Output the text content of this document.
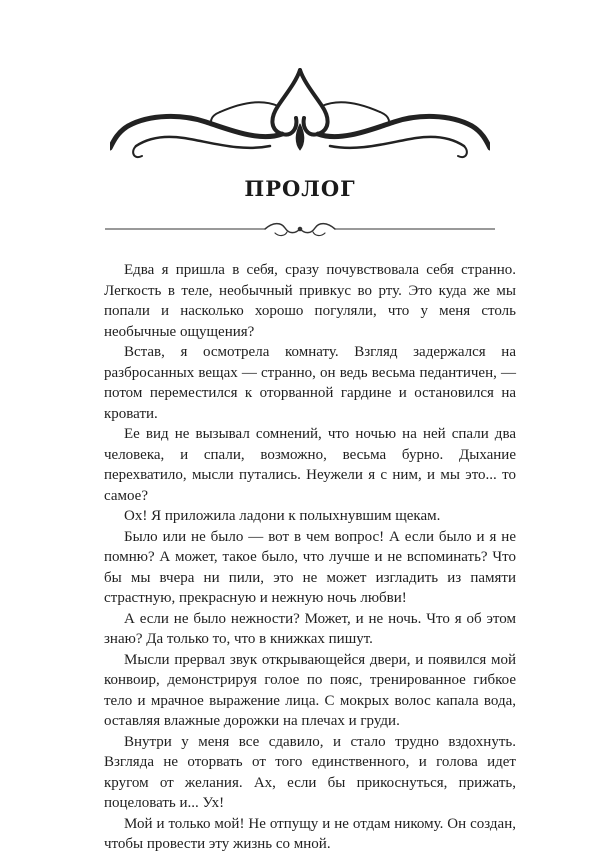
ПРОЛОГ

Едва я пришла в себя, сразу почувствовала себя странно. Легкость в теле, необычный привкус во рту. Это куда же мы попали и насколько хорошо погуляли, что у меня столь необычные ощущения?

Встав, я осмотрела комнату. Взгляд задержался на разбросанных вещах — странно, он ведь весьма педантичен, — потом переместился к оторванной гардине и остановился на кровати.

Ее вид не вызывал сомнений, что ночью на ней спали два человека, и спали, возможно, весьма бурно. Дыхание перехватило, мысли путались. Неужели я с ним, и мы это... то самое?

Ох! Я приложила ладони к полыхнувшим щекам.

Было или не было — вот в чем вопрос! А если было и я не помню? А может, такое было, что лучше и не вспоминать? Что бы мы вчера ни пили, это не может изгладить из памяти страстную, прекрасную и нежную ночь любви!

А если не было нежности? Может, и не ночь. Что я об этом знаю? Да только то, что в книжках пишут.

Мысли прервал звук открывающейся двери, и появился мой конвоир, демонстрируя голое по пояс, тренированное гибкое тело и мрачное выражение лица. С мокрых волос капала вода, оставляя влажные дорожки на плечах и груди.

Внутри у меня все сдавило, и стало трудно вздохнуть. Взгляда не оторвать от того единственного, и голова идет кругом от желания. Ах, если бы прикоснуться, прижать, поцеловать и... Ух!

Мой и только мой! Не отпущу и не отдам никому. Он создан, чтобы провести эту жизнь со мной.
